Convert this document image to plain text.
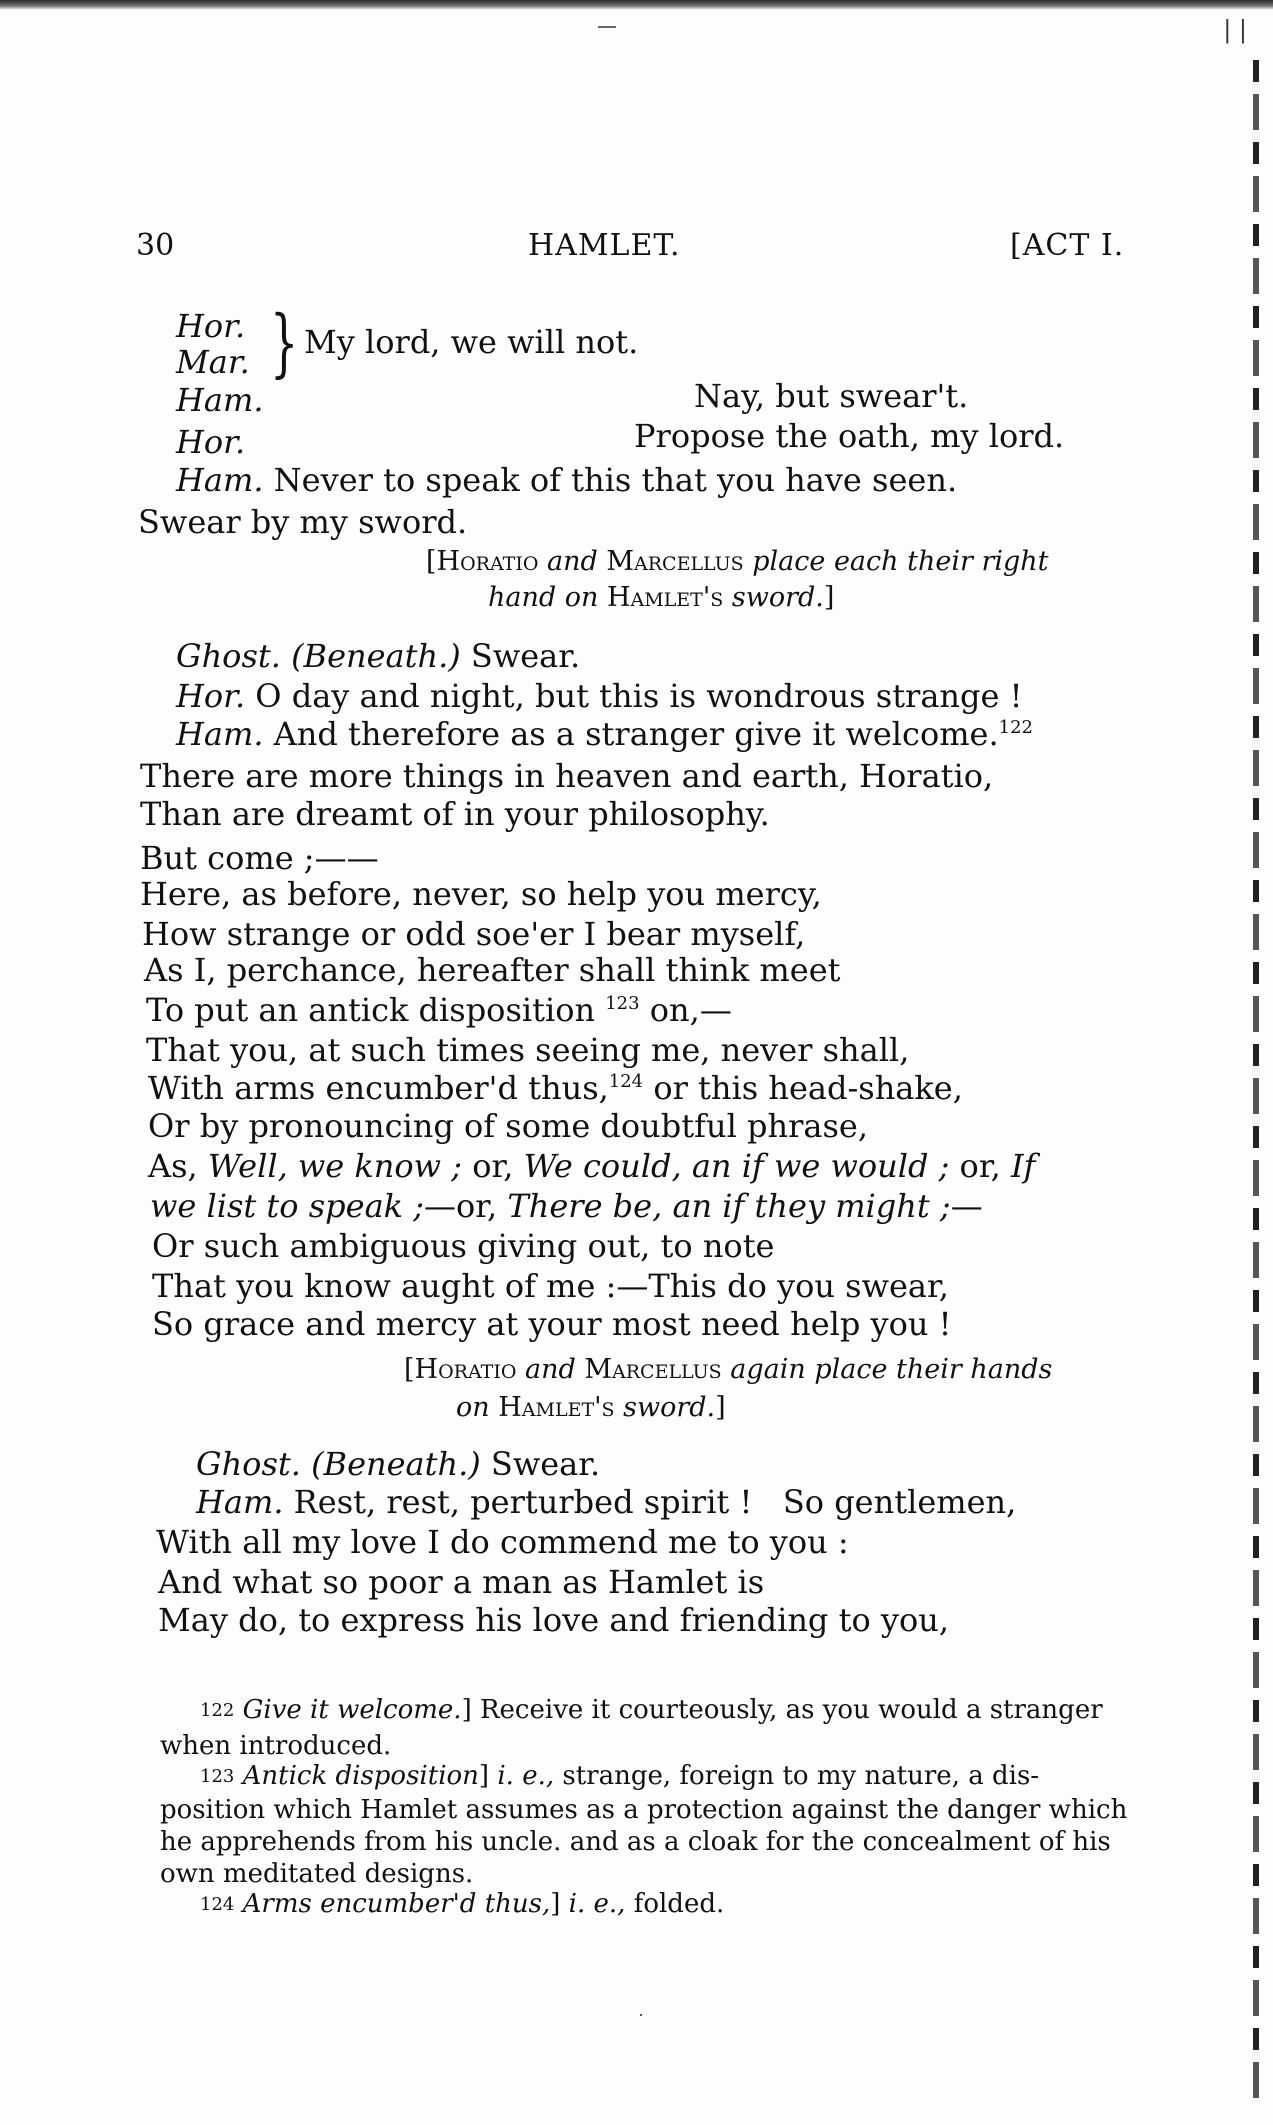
| |
30	HAMLET.	[ACT I.
Hor.
Mar. } My lord, we will not.
Ham.	Nay, but swear't.
Hor.	Propose the oath, my lord.
Ham. Never to speak of this that you have seen.
Swear by my sword.
[Horatio and Marcellus place each their right
hand on Hamlet's sword.]
Ghost. (Beneath.) Swear.
Hor. O day and night, but this is wondrous strange !
Ham. And therefore as a stranger give it welcome.$^{122}$
There are more things in heaven and earth, Horatio,
Than are dreamt of in your philosophy.
But come ;——
Here, as before, never, so help you mercy,
How strange or odd soe'er I bear myself,
As I, perchance, hereafter shall think meet
To put an antick disposition $^{123}$ on,—
That you, at such times seeing me, never shall,
With arms encumber'd thus,$^{124}$ or this head-shake,
Or by pronouncing of some doubtful phrase,
As, Well, we know ; or, We could, an if we would ; or, If
we list to speak ;—or, There be, an if they might ;—
Or such ambiguous giving out, to note
That you know aught of me :—This do you swear,
So grace and mercy at your most need help you !
[Horatio and Marcellus again place their hands
on Hamlet's sword.]
Ghost. (Beneath.) Swear.
Ham. Rest, rest, perturbed spirit !   So gentlemen,
With all my love I do commend me to you :
And what so poor a man as Hamlet is
May do, to express his love and friending to you,
122 Give it welcome.] Receive it courteously, as you would a stranger
when introduced.
123 Antick disposition] i. e., strange, foreign to my nature, a dis-
position which Hamlet assumes as a protection against the danger which
he apprehends from his uncle. and as a cloak for the concealment of his
own meditated designs.
124 Arms encumber'd thus,] i. e., folded.
